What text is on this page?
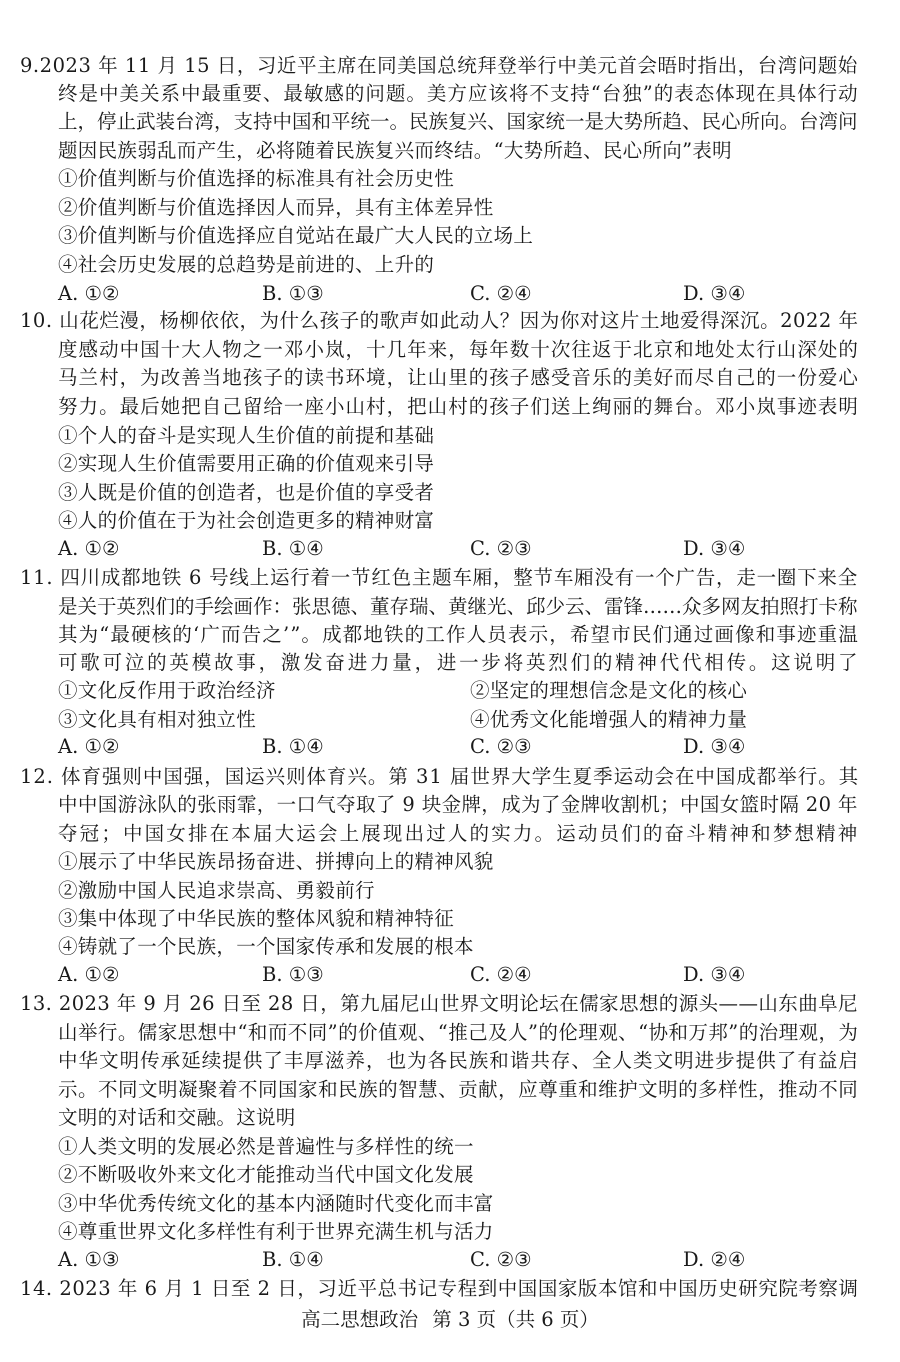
9.2023 年 11 月 15 日，习近平主席在同美国总统拜登举行中美元首会晤时指出，台湾问题始
终是中美关系中最重要、最敏感的问题。美方应该将不支持“台独”的表态体现在具体行动
上，停止武装台湾，支持中国和平统一。民族复兴、国家统一是大势所趋、民心所向。台湾问
题因民族弱乱而产生，必将随着民族复兴而终结。“大势所趋、民心所向”表明
①价值判断与价值选择的标准具有社会历史性
②价值判断与价值选择因人而异，具有主体差异性
③价值判断与价值选择应自觉站在最广大人民的立场上
④社会历史发展的总趋势是前进的、上升的
A. ①②	B. ①③	C. ②④	D. ③④
10. 山花烂漫，杨柳依依，为什么孩子的歌声如此动人？因为你对这片土地爱得深沉。2022 年
度感动中国十大人物之一邓小岚，十几年来，每年数十次往返于北京和地处太行山深处的
马兰村，为改善当地孩子的读书环境，让山里的孩子感受音乐的美好而尽自己的一份爱心
努力。最后她把自己留给一座小山村，把山村的孩子们送上绚丽的舞台。邓小岚事迹表明
①个人的奋斗是实现人生价值的前提和基础
②实现人生价值需要用正确的价值观来引导
③人既是价值的创造者，也是价值的享受者
④人的价值在于为社会创造更多的精神财富
A. ①②	B. ①④	C. ②③	D. ③④
11. 四川成都地铁 6 号线上运行着一节红色主题车厢，整节车厢没有一个广告，走一圈下来全
是关于英烈们的手绘画作：张思德、董存瑞、黄继光、邱少云、雷锋……众多网友拍照打卡称
其为“最硬核的‘广而告之’”。成都地铁的工作人员表示，希望市民们通过画像和事迹重温
可歌可泣的英模故事，激发奋进力量，进一步将英烈们的精神代代相传。这说明了
①文化反作用于政治经济	②坚定的理想信念是文化的核心
③文化具有相对独立性	④优秀文化能增强人的精神力量
A. ①②	B. ①④	C. ②③	D. ③④
12. 体育强则中国强，国运兴则体育兴。第 31 届世界大学生夏季运动会在中国成都举行。其
中中国游泳队的张雨霏，一口气夺取了 9 块金牌，成为了金牌收割机；中国女篮时隔 20 年
夺冠；中国女排在本届大运会上展现出过人的实力。运动员们的奋斗精神和梦想精神
①展示了中华民族昂扬奋进、拼搏向上的精神风貌
②激励中国人民追求崇高、勇毅前行
③集中体现了中华民族的整体风貌和精神特征
④铸就了一个民族，一个国家传承和发展的根本
A. ①②	B. ①③	C. ②④	D. ③④
13. 2023 年 9 月 26 日至 28 日，第九届尼山世界文明论坛在儒家思想的源头——山东曲阜尼
山举行。儒家思想中“和而不同”的价值观、“推己及人”的伦理观、“协和万邦”的治理观，为
中华文明传承延续提供了丰厚滋养，也为各民族和谐共存、全人类文明进步提供了有益启
示。不同文明凝聚着不同国家和民族的智慧、贡献，应尊重和维护文明的多样性，推动不同
文明的对话和交融。这说明
①人类文明的发展必然是普遍性与多样性的统一
②不断吸收外来文化才能推动当代中国文化发展
③中华优秀传统文化的基本内涵随时代变化而丰富
④尊重世界文化多样性有利于世界充满生机与活力
A. ①③	B. ①④	C. ②③	D. ②④
14. 2023 年 6 月 1 日至 2 日，习近平总书记专程到中国国家版本馆和中国历史研究院考察调
高二思想政治 第 3 页（共 6 页）
